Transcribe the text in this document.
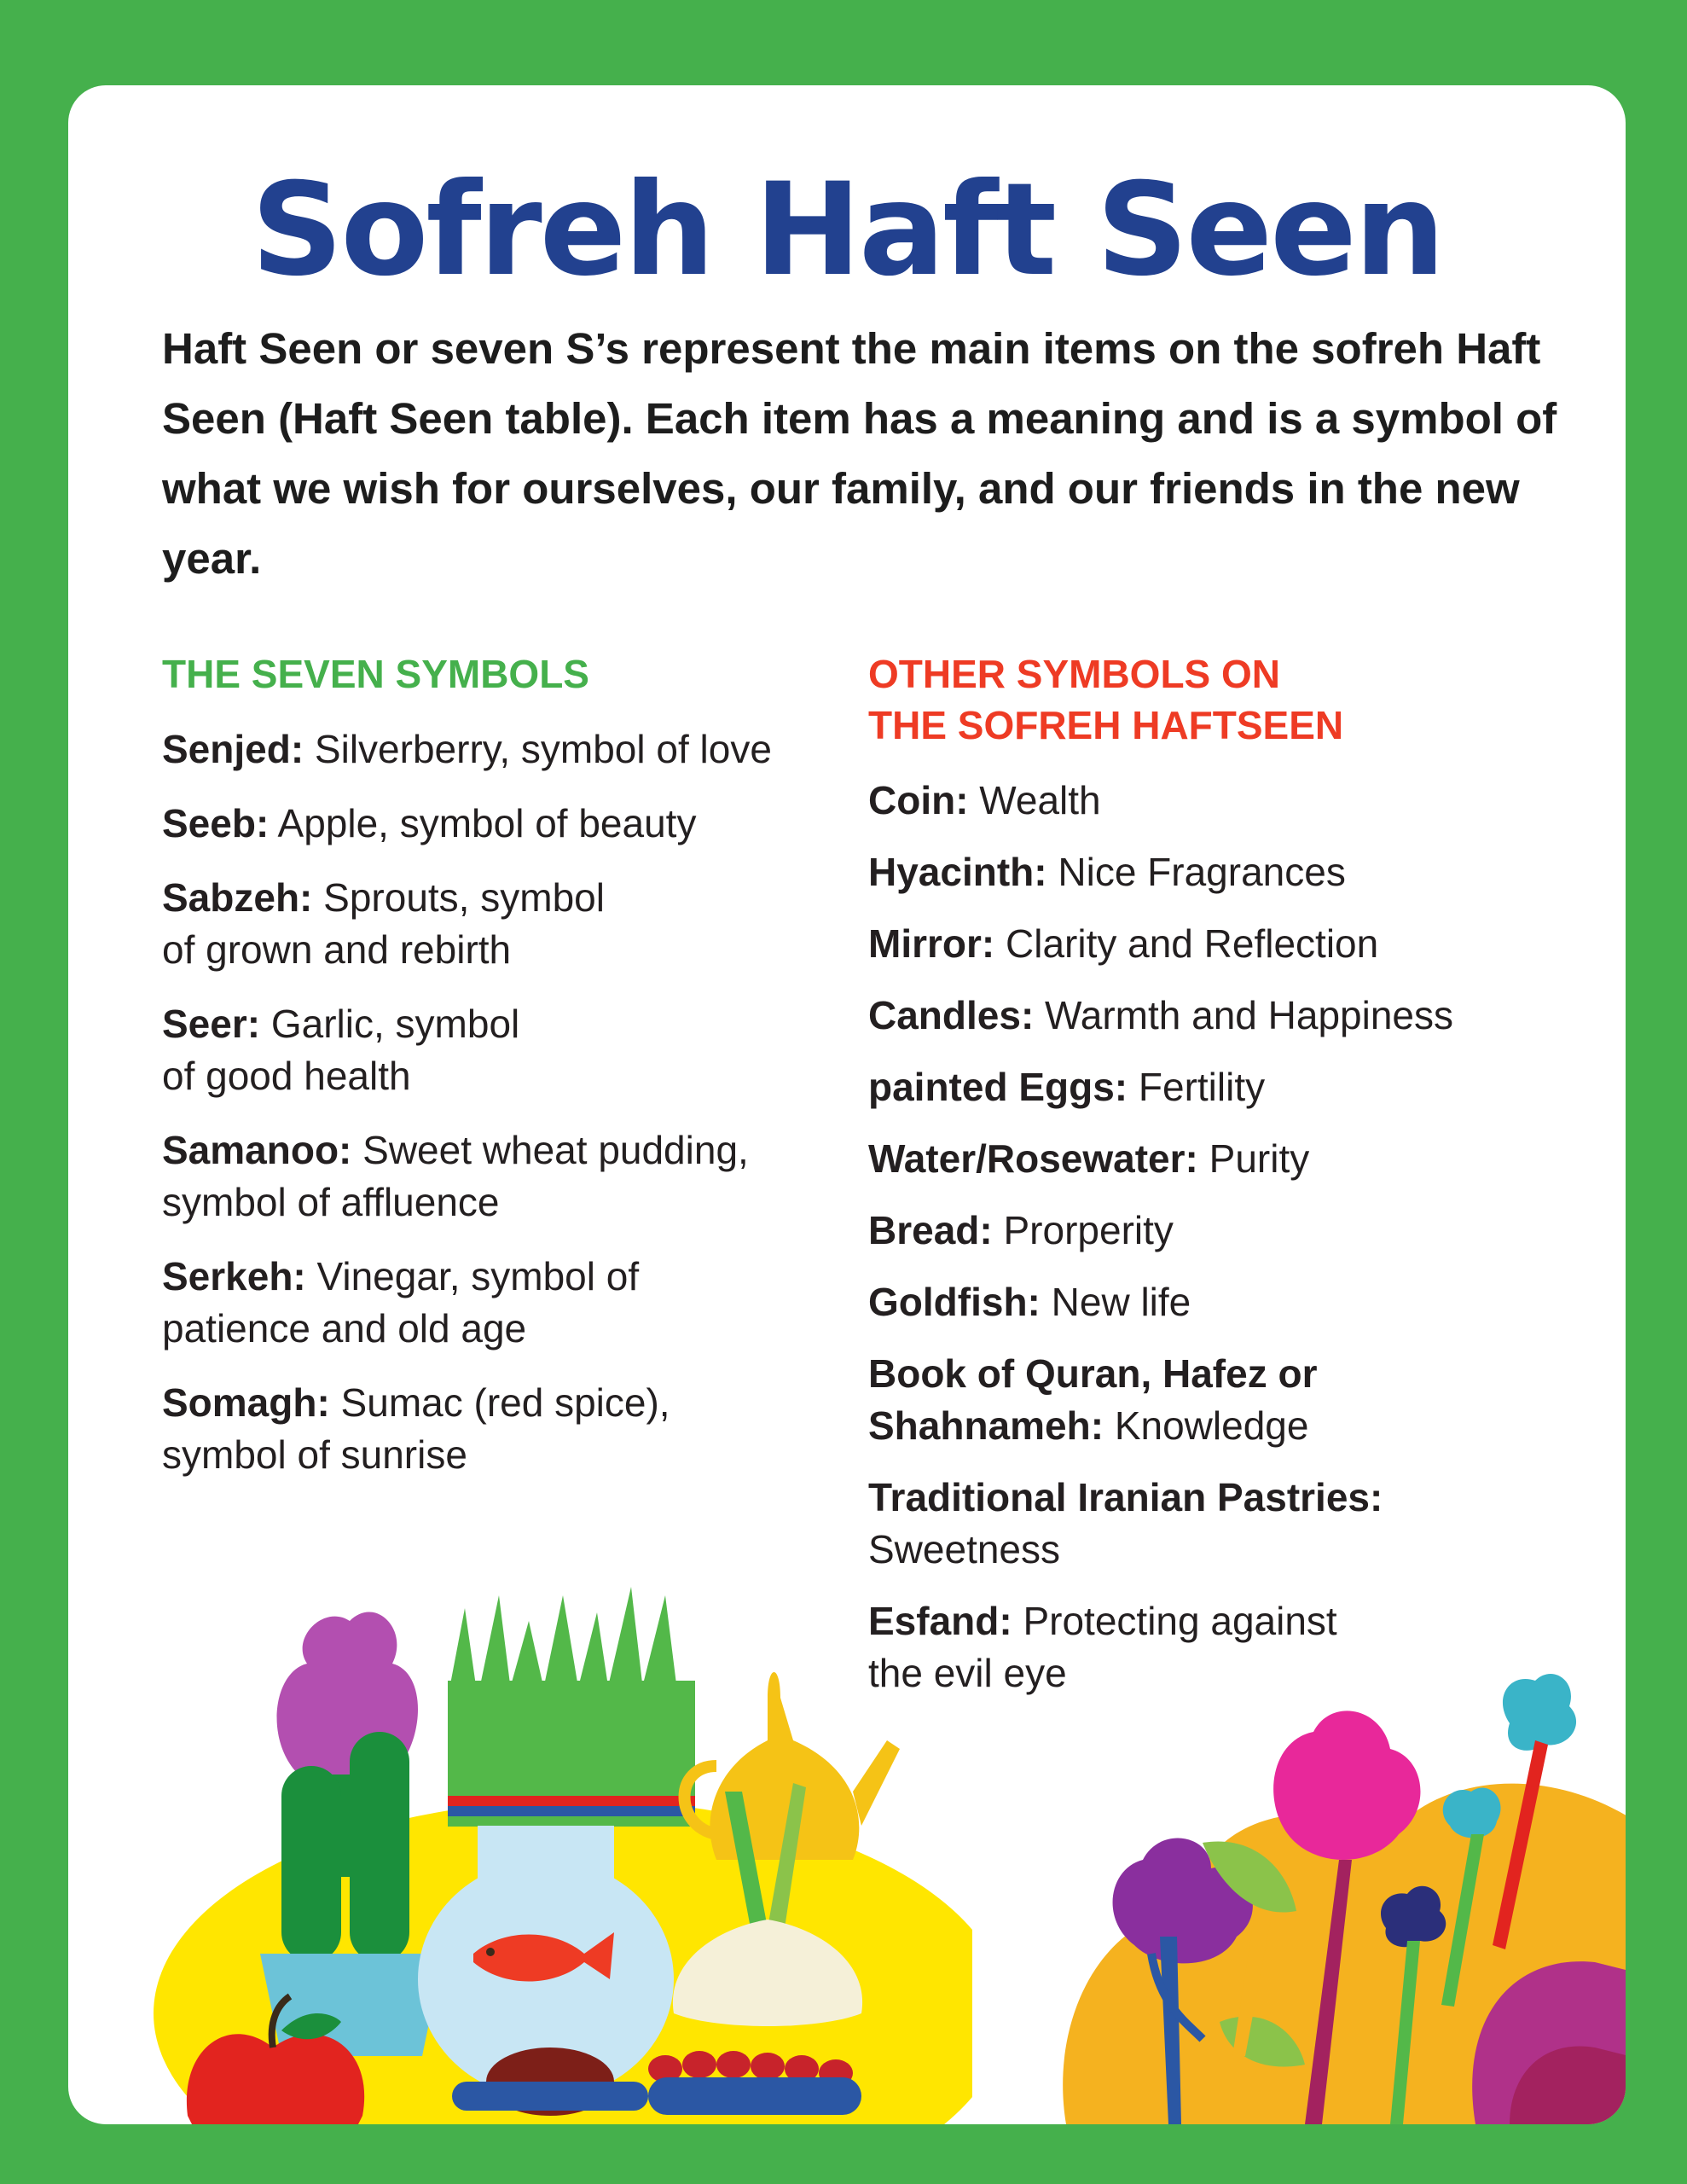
Sofreh Haft Seen

Haft Seen or seven S’s represent the main items on the sofreh Haft Seen (Haft Seen table). Each item has a meaning and is a symbol of what we wish for ourselves, our family, and our friends in the new year.

THE SEVEN SYMBOLS

Senjed: Silverberry, symbol of love

Seeb: Apple, symbol of beauty

Sabzeh: Sprouts, symbol
of grown and rebirth

Seer: Garlic, symbol
of good health

Samanoo: Sweet wheat pudding,
symbol of affluence

Serkeh: Vinegar, symbol of
patience and old age

Somagh: Sumac (red spice),
symbol of sunrise

OTHER SYMBOLS ON
THE SOFREH HAFTSEEN

Coin: Wealth

Hyacinth: Nice Fragrances

Mirror: Clarity and Reflection

Candles: Warmth and Happiness

painted Eggs: Fertility

Water/Rosewater: Purity

Bread: Prorperity

Goldfish: New life

Book of Quran, Hafez or
Shahnameh: Knowledge

Traditional Iranian Pastries:
Sweetness

Esfand: Protecting against
the evil eye
